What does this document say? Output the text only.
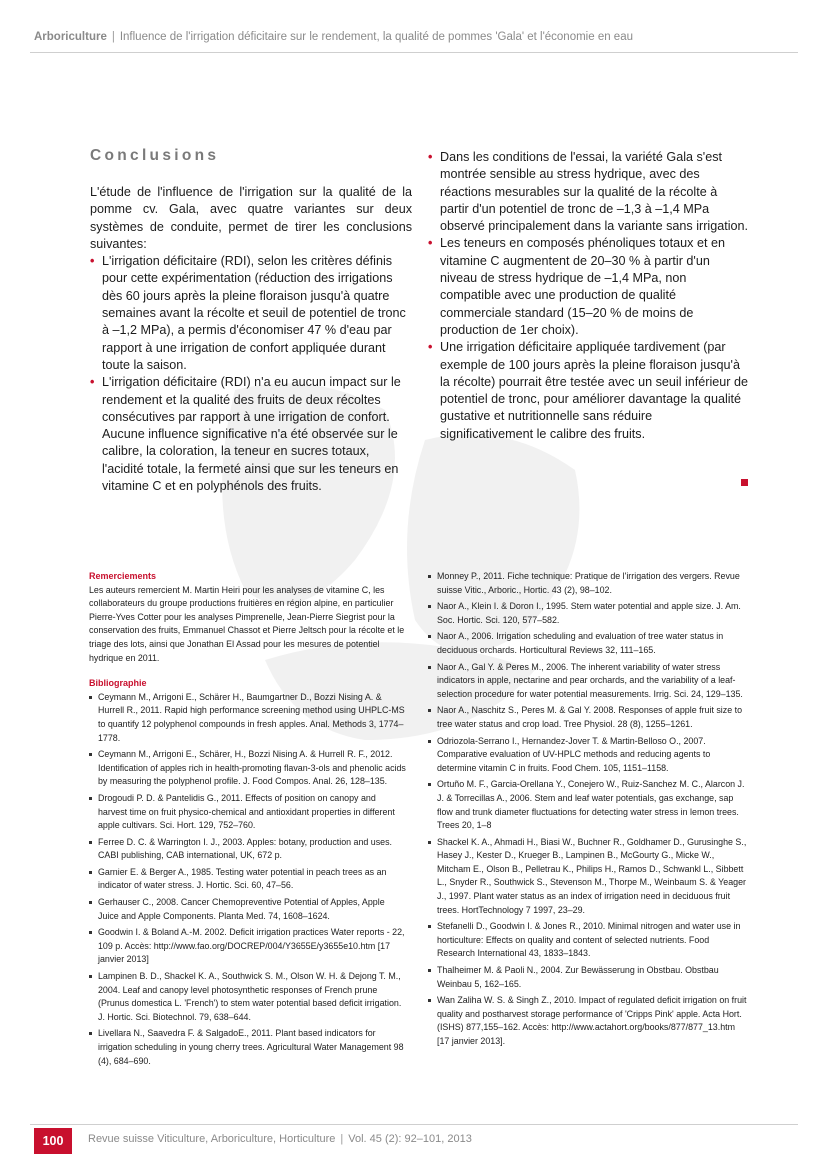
Arboriculture | Influence de l'irrigation déficitaire sur le rendement, la qualité de pommes 'Gala' et l'économie en eau
Conclusions

L'étude de l'influence de l'irrigation sur la qualité de la pomme cv. Gala, avec quatre variantes sur deux systèmes de conduite, permet de tirer les conclusions suivantes:

• L'irrigation déficitaire (RDI), selon les critères définis pour cette expérimentation (réduction des irrigations dès 60 jours après la pleine floraison jusqu'à quatre semaines avant la récolte et seuil de potentiel de tronc à –1,2 MPa), a permis d'économiser 47 % d'eau par rapport à une irrigation de confort appliquée durant toute la saison.
• L'irrigation déficitaire (RDI) n'a eu aucun impact sur le rendement et la qualité des fruits de deux récoltes consécutives par rapport à une irrigation de confort. Aucune influence significative n'a été observée sur le calibre, la coloration, la teneur en sucres totaux, l'acidité totale, la fermeté ainsi que sur les teneurs en vitamine C et en polyphénols des fruits.
• Dans les conditions de l'essai, la variété Gala s'est montrée sensible au stress hydrique, avec des réactions mesurables sur la qualité de la récolte à partir d'un potentiel de tronc de –1,3 à –1,4 MPa observé principalement dans la variante sans irrigation.
• Les teneurs en composés phénoliques totaux et en vitamine C augmentent de 20–30 % à partir d'un niveau de stress hydrique de –1,4 MPa, non compatible avec une production de qualité commerciale standard (15–20 % de moins de production de 1er choix).
• Une irrigation déficitaire appliquée tardivement (par exemple de 100 jours après la pleine floraison jusqu'à la récolte) pourrait être testée avec un seuil inférieur de potentiel de tronc, pour améliorer davantage la qualité gustative et nutritionnelle sans réduire significativement le calibre des fruits.

Remerciements

Les auteurs remercient M. Martin Heiri pour les analyses de vitamine C, les collaborateurs du groupe productions fruitières en région alpine, en particulier Pierre-Yves Cotter pour les analyses Pimprenelle, Jean-Pierre Siegrist pour la conservation des fruits, Emmanuel Chassot et Pierre Jeltsch pour la récolte et le triage des lots, ainsi que Jonathan El Assad pour les mesures de potentiel hydrique en 2011.

Bibliographie

Ceymann M., Arrigoni E., Schärer H., Baumgartner D., Bozzi Nising A. & Hurrell R., 2011. Rapid high performance screening method using UHPLC-MS to quantify 12 polyphenol compounds in fresh apples. Anal. Methods 3, 1774–1778.
Ceymann M., Arrigoni E., Schärer, H., Bozzi Nising A. & Hurrell R. F., 2012. Identification of apples rich in health-promoting flavan-3-ols and phenolic acids by measuring the polyphenol profile. J. Food Compos. Anal. 26, 128–135.
Drogoudi P. D. & Pantelidis G., 2011. Effects of position on canopy and harvest time on fruit physico-chemical and antioxidant properties in different apple cultivars. Sci. Hort. 129, 752–760.
Ferree D. C. & Warrington I. J., 2003. Apples: botany, production and uses. CABI publishing, CAB international, UK, 672 p.
Garnier E. & Berger A., 1985. Testing water potential in peach trees as an indicator of water stress. J. Hortic. Sci. 60, 47–56.
Gerhauser C., 2008. Cancer Chemopreventive Potential of Apples, Apple Juice and Apple Components. Planta Med. 74, 1608–1624.
Goodwin I. & Boland A.-M. 2002. Deficit irrigation practices Water reports - 22, 109 p. Accès: http://www.fao.org/DOCREP/004/Y3655E/y3655e10.htm [17 janvier 2013]
Lampinen B. D., Shackel K. A., Southwick S. M., Olson W. H. & Dejong T. M., 2004. Leaf and canopy level photosynthetic responses of French prune (Prunus domestica L. 'French') to stem water potential based deficit irrigation. J. Hortic. Sci. Biotechnol. 79, 638–644.
Livellara N., Saavedra F. & SalgadoE., 2011. Plant based indicators for irrigation scheduling in young cherry trees. Agricultural Water Management 98 (4), 684–690.
Monney P., 2011. Fiche technique: Pratique de l'irrigation des vergers. Revue suisse Vitic., Arboric., Hortic. 43 (2), 98–102.
Naor A., Klein I. & Doron I., 1995. Stem water potential and apple size. J. Am. Soc. Hortic. Sci. 120, 577–582.
Naor A., 2006. Irrigation scheduling and evaluation of tree water status in deciduous orchards. Horticultural Reviews 32, 111–165.
Naor A., Gal Y. & Peres M., 2006. The inherent variability of water stress indicators in apple, nectarine and pear orchards, and the variability of a leaf-selection procedure for water potential measurements. Irrig. Sci. 24, 129–135.
Naor A., Naschitz S., Peres M. & Gal Y. 2008. Responses of apple fruit size to tree water status and crop load. Tree Physiol. 28 (8), 1255–1261.
Odriozola-Serrano I., Hernandez-Jover T. & Martin-Belloso O., 2007. Comparative evaluation of UV-HPLC methods and reducing agents to determine vitamin C in fruits. Food Chem. 105, 1151–1158.
Ortuño M. F., Garcia-Orellana Y., Conejero W., Ruiz-Sanchez M. C., Alarcon J. J. & Torrecillas A., 2006. Stem and leaf water potentials, gas exchange, sap flow and trunk diameter fluctuations for detecting water stress in lemon trees. Trees 20, 1–8
Shackel K. A., Ahmadi H., Biasi W., Buchner R., Goldhamer D., Gurusinghe S., Hasey J., Kester D., Krueger B., Lampinen B., McGourty G., Micke W., Mitcham E., Olson B., Pelletrau K., Philips H., Ramos D., Schwankl L., Sibbett L., Snyder R., Southwick S., Stevenson M., Thorpe M., Weinbaum S. & Yeager J., 1997. Plant water status as an index of irrigation need in deciduous fruit trees. HortTechnology 7 1997, 23–29.
Stefanelli D., Goodwin I. & Jones R., 2010. Minimal nitrogen and water use in horticulture: Effects on quality and content of selected nutrients. Food Research International 43, 1833–1843.
Thalheimer M. & Paoli N., 2004. Zur Bewässerung in Obstbau. Obstbau Weinbau 5, 162–165.
Wan Zaliha W. S. & Singh Z., 2010. Impact of regulated deficit irrigation on fruit quality and postharvest storage performance of 'Cripps Pink' apple. Acta Hort. (ISHS) 877,155–162. Accès: http://www.actahort.org/books/877/877_13.htm [17 janvier 2013].
100	Revue suisse Viticulture, Arboriculture, Horticulture | Vol. 45 (2): 92–101, 2013
